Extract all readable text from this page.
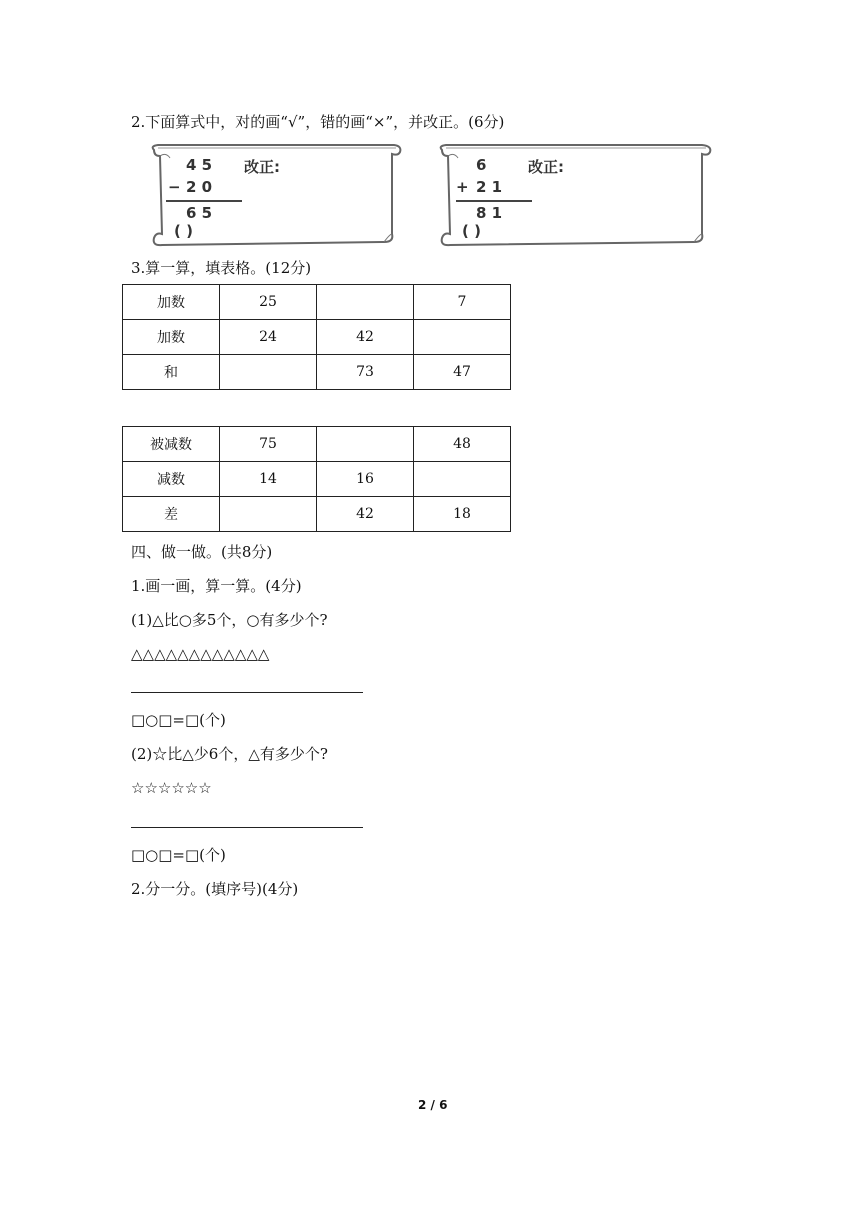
2.下面算式中，对的画“√”，错的画“×”，并改正。(6分)
4 5 改正:
− 2 0
6 5
( )
6	改正:
+ 2 1
8 1
( )
3.算一算，填表格。(12分)
加数	25		7
加数	24	42	
和		73	47
被减数	75		48
减数	14	16	
差		42	18
四、做一做。(共8分)
1.画一画，算一算。(4分)
(1)△比○多5个，○有多少个?
△△△△△△△△△△△△
□○□=□(个)
(2)☆比△少6个，△有多少个?
☆☆☆☆☆☆
□○□=□(个)
2.分一分。(填序号)(4分)
2 / 6
